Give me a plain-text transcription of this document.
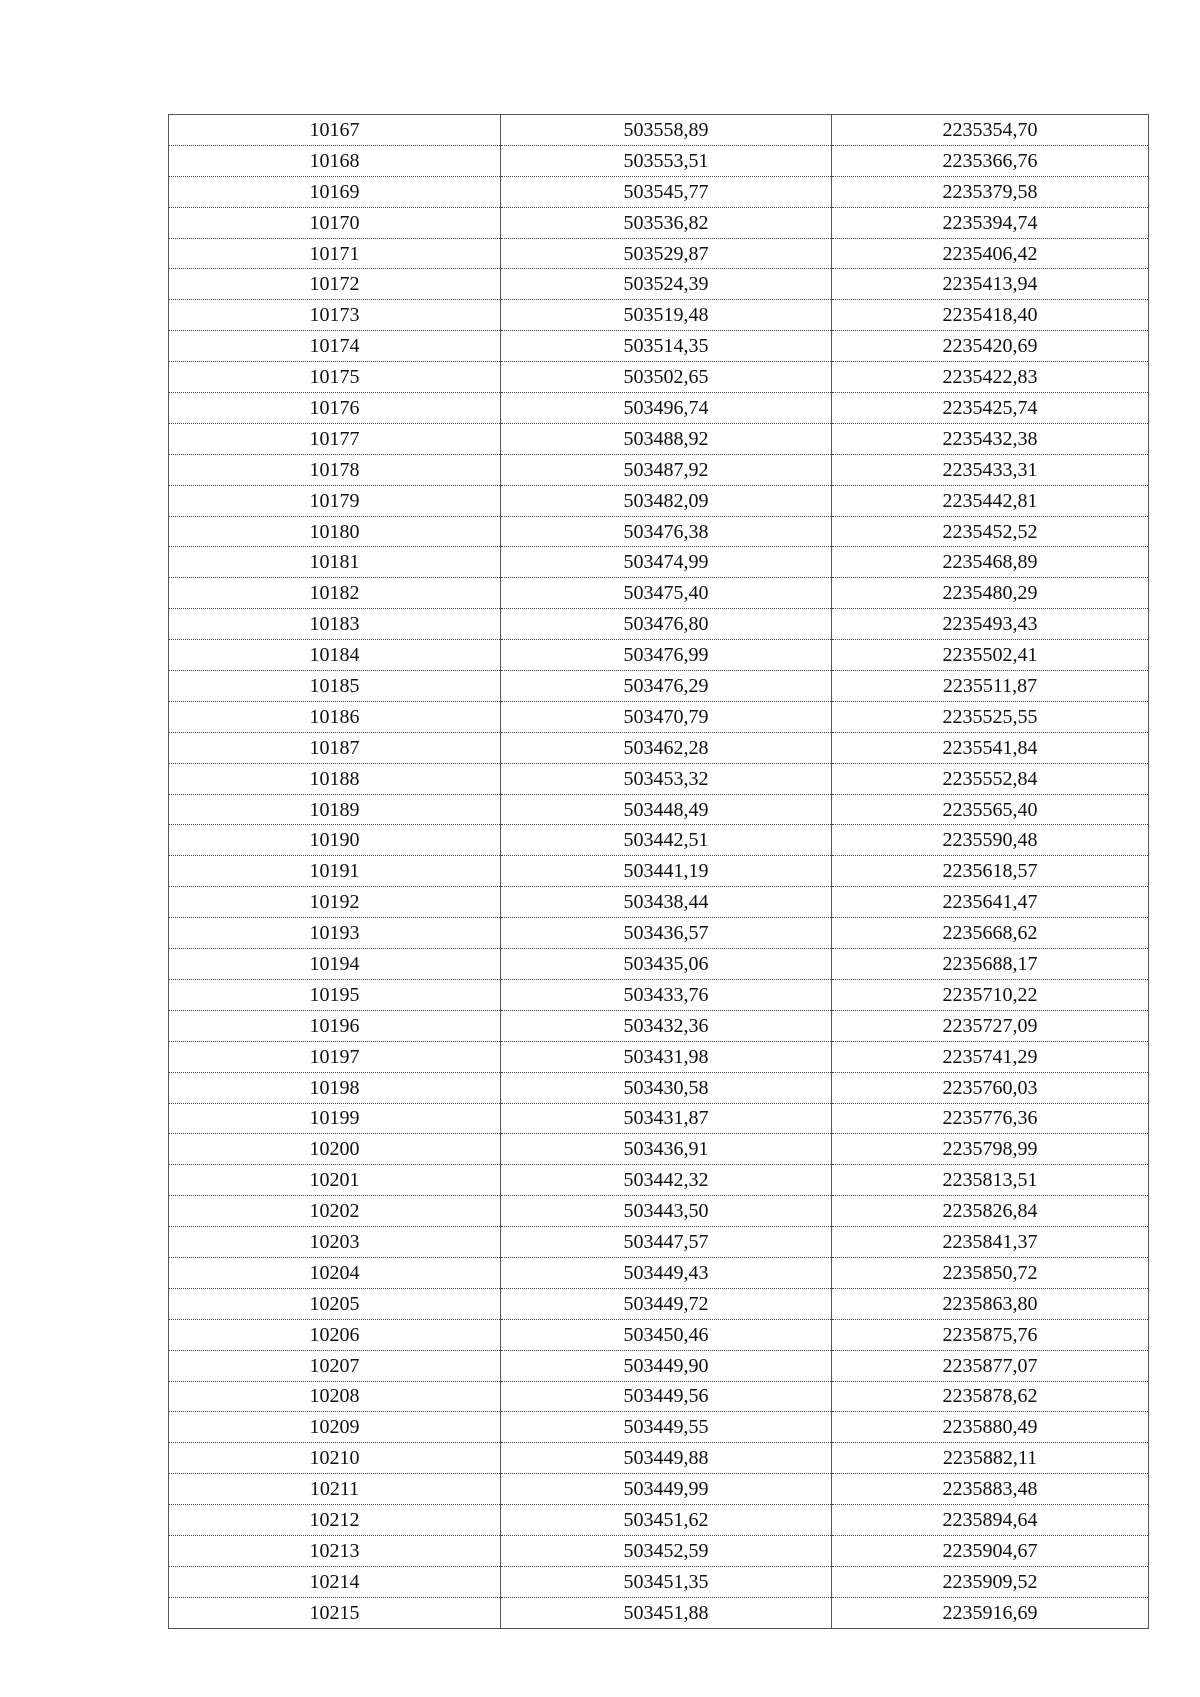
10167	503558,89	2235354,70
10168	503553,51	2235366,76
10169	503545,77	2235379,58
10170	503536,82	2235394,74
10171	503529,87	2235406,42
10172	503524,39	2235413,94
10173	503519,48	2235418,40
10174	503514,35	2235420,69
10175	503502,65	2235422,83
10176	503496,74	2235425,74
10177	503488,92	2235432,38
10178	503487,92	2235433,31
10179	503482,09	2235442,81
10180	503476,38	2235452,52
10181	503474,99	2235468,89
10182	503475,40	2235480,29
10183	503476,80	2235493,43
10184	503476,99	2235502,41
10185	503476,29	2235511,87
10186	503470,79	2235525,55
10187	503462,28	2235541,84
10188	503453,32	2235552,84
10189	503448,49	2235565,40
10190	503442,51	2235590,48
10191	503441,19	2235618,57
10192	503438,44	2235641,47
10193	503436,57	2235668,62
10194	503435,06	2235688,17
10195	503433,76	2235710,22
10196	503432,36	2235727,09
10197	503431,98	2235741,29
10198	503430,58	2235760,03
10199	503431,87	2235776,36
10200	503436,91	2235798,99
10201	503442,32	2235813,51
10202	503443,50	2235826,84
10203	503447,57	2235841,37
10204	503449,43	2235850,72
10205	503449,72	2235863,80
10206	503450,46	2235875,76
10207	503449,90	2235877,07
10208	503449,56	2235878,62
10209	503449,55	2235880,49
10210	503449,88	2235882,11
10211	503449,99	2235883,48
10212	503451,62	2235894,64
10213	503452,59	2235904,67
10214	503451,35	2235909,52
10215	503451,88	2235916,69
